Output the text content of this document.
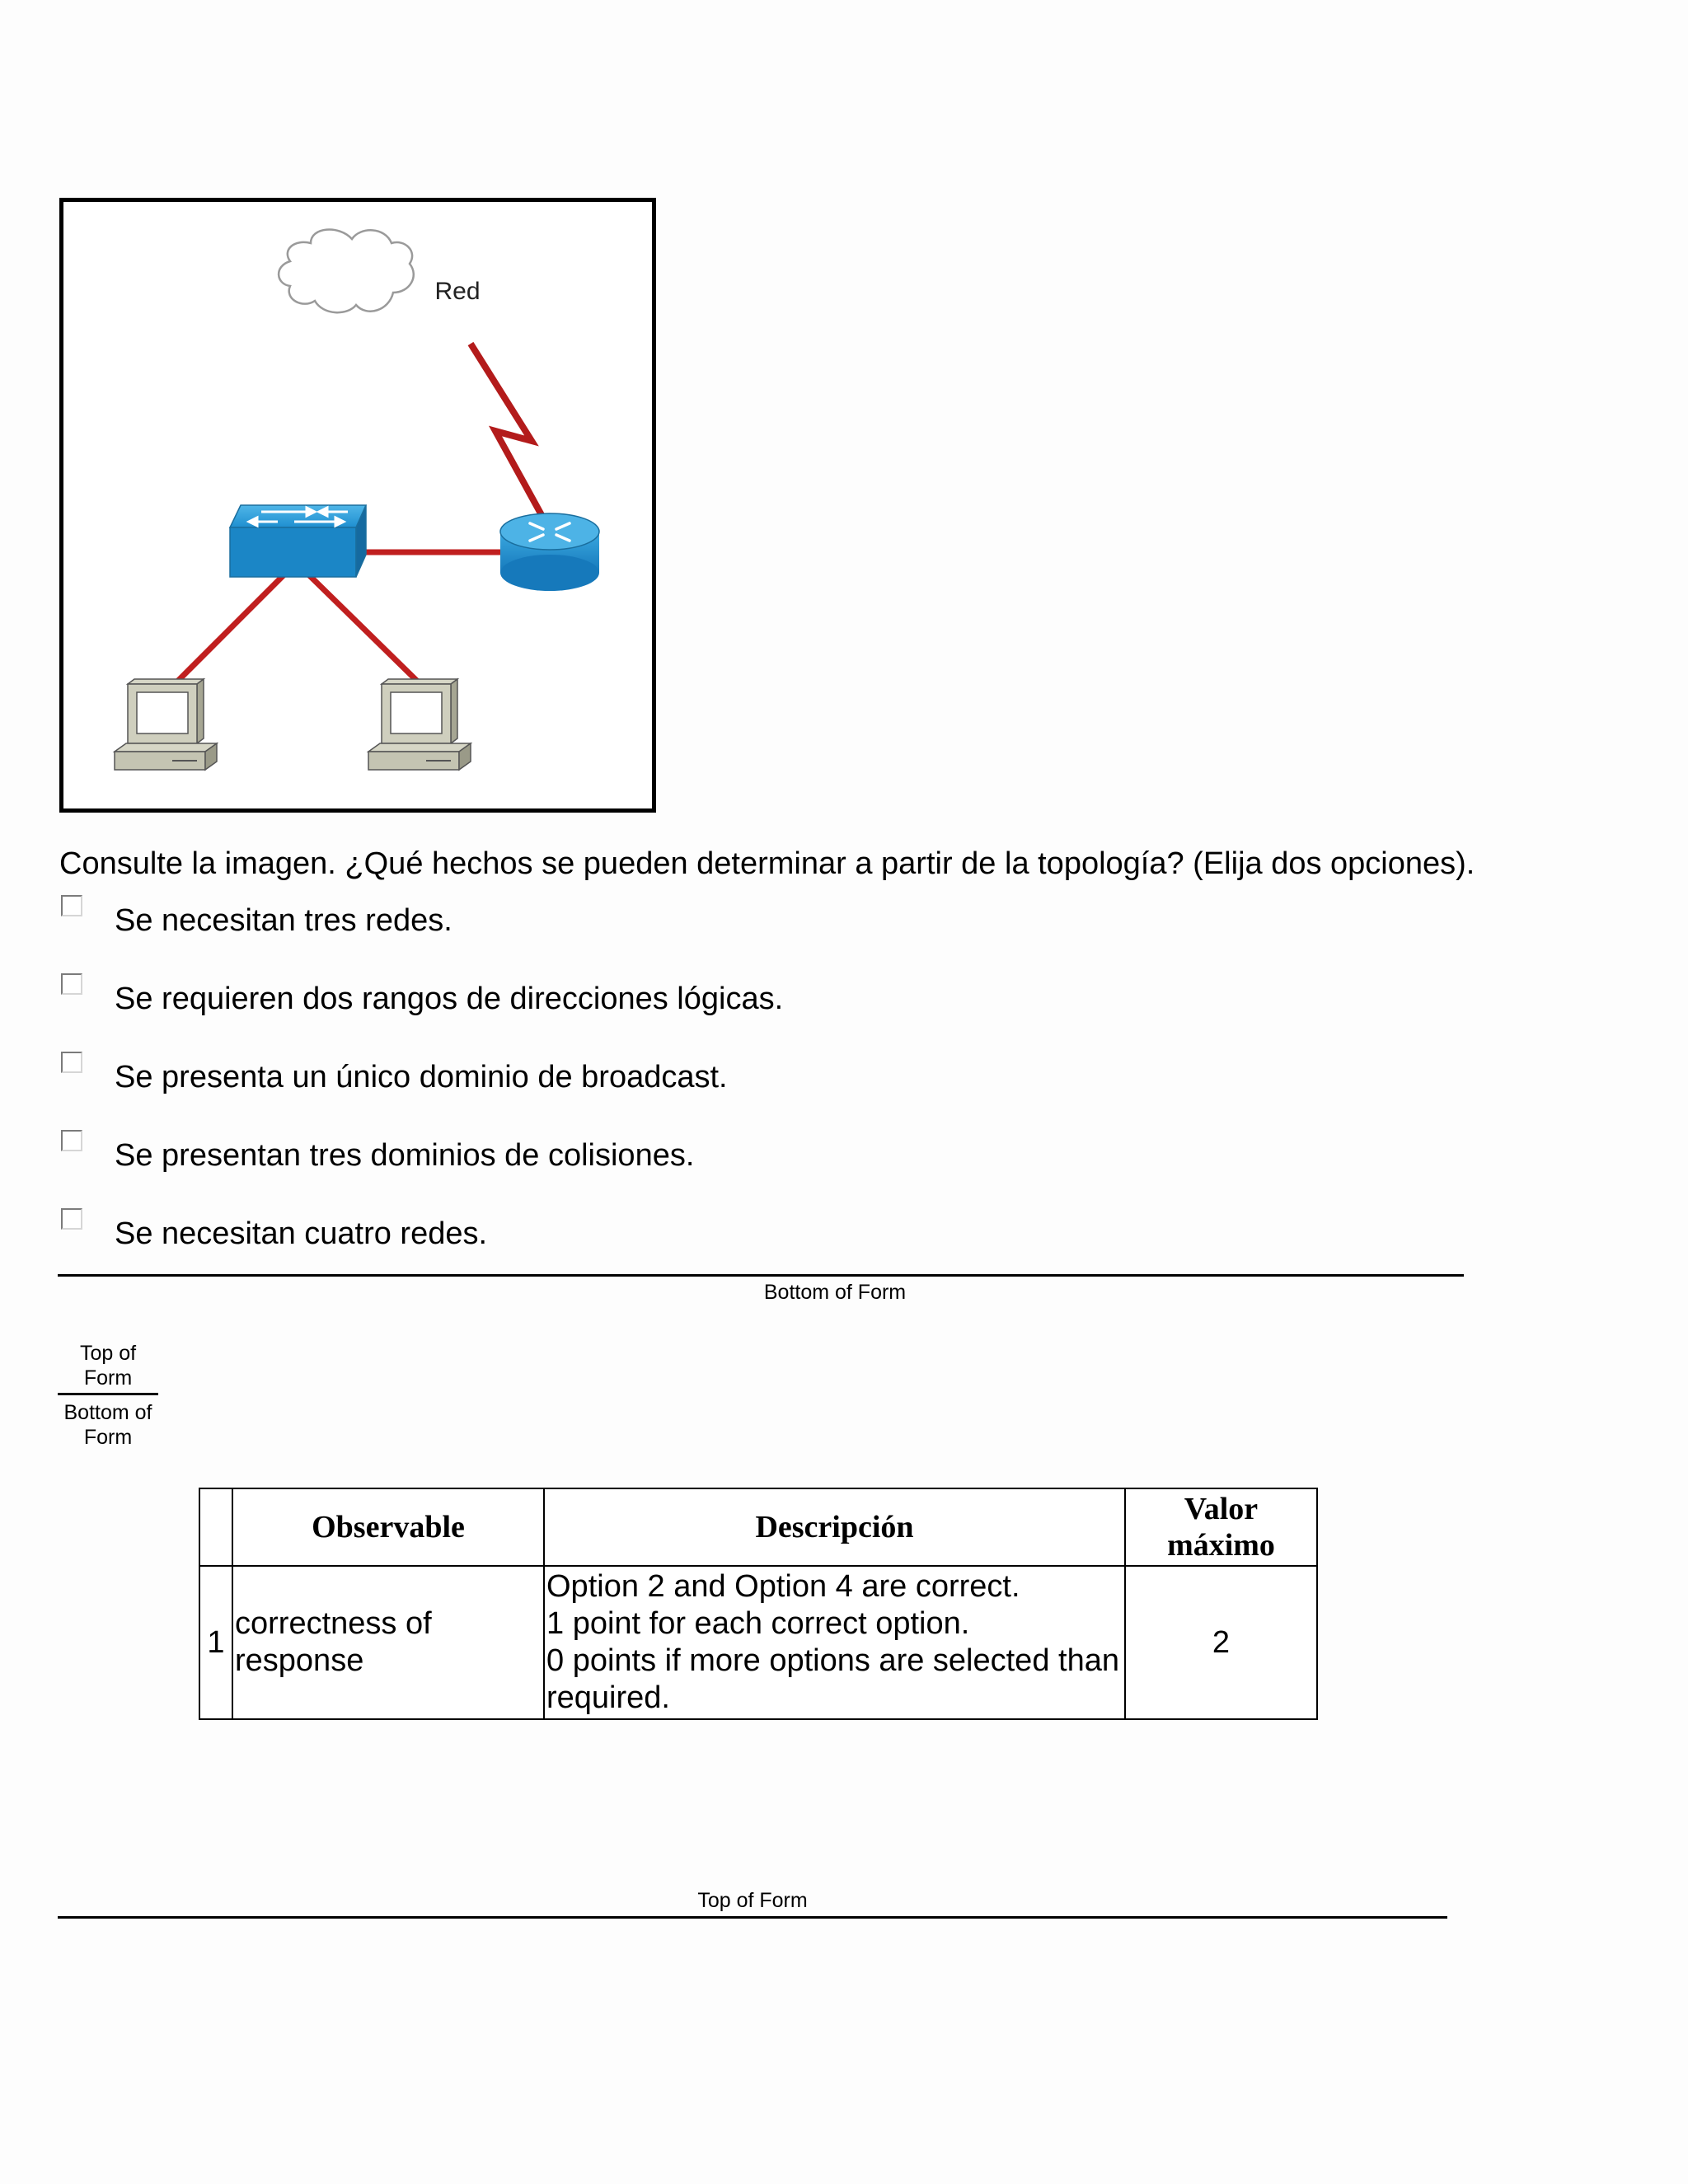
Red
Consulte la imagen. ¿Qué hechos se pueden determinar a partir de la topología? (Elija dos opciones).
Se necesitan tres redes.
Se requieren dos rangos de direcciones lógicas.
Se presenta un único dominio de broadcast.
Se presentan tres dominios de colisiones.
Se necesitan cuatro redes.
Bottom of Form
Top of Form
Bottom of Form
	Observable	Descripción	Valor máximo
1	correctness of response	Option 2 and Option 4 are correct.
1 point for each correct option.
0 points if more options are selected than required.	2
Top of Form
